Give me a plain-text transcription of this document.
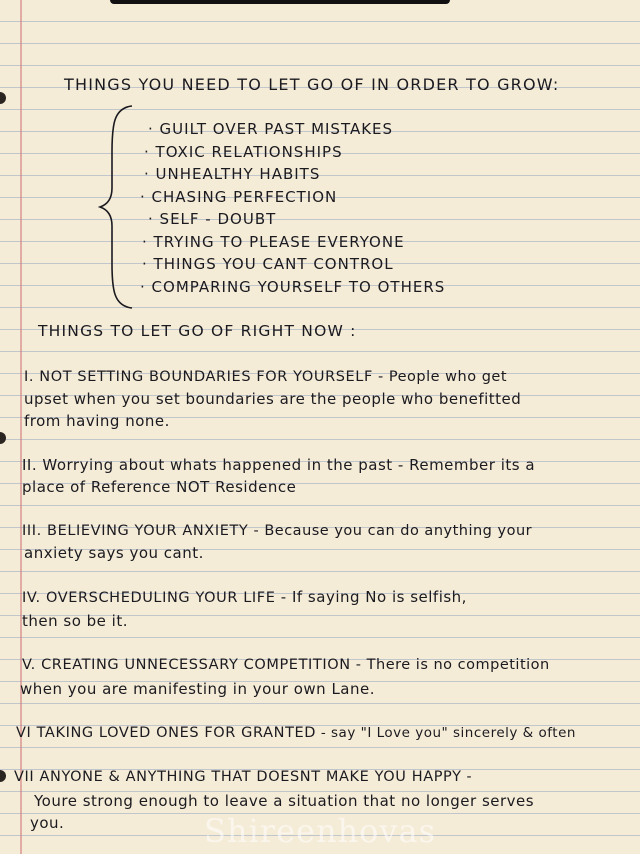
THINGS YOU NEED TO LET GO OF IN ORDER TO GROW:
· GUILT OVER PAST MISTAKES
· TOXIC RELATIONSHIPS
· UNHEALTHY HABITS
· CHASING PERFECTION
· SELF - DOUBT
· TRYING TO PLEASE EVERYONE
· THINGS YOU CANT CONTROL
· COMPARING YOURSELF TO OTHERS
THINGS TO LET GO OF RIGHT NOW :
I. NOT SETTING BOUNDARIES FOR YOURSELF - People who get
upset when you set boundaries are the people who benefitted
from having none.
II. Worrying about whats happened in the past - Remember its a
place of Reference NOT Residence
III. BELIEVING YOUR ANXIETY - Because you can do anything your
anxiety says you cant.
IV. OVERSCHEDULING YOUR LIFE - If saying No is selfish,
then so be it.
V. CREATING UNNECESSARY COMPETITION - There is no competition
when you are manifesting in your own Lane.
VI TAKING LOVED ONES FOR GRANTED - say "I Love you" sincerely & often
VII ANYONE & ANYTHING THAT DOESNT MAKE YOU HAPPY -
Youre strong enough to leave a situation that no longer serves
you.	Shireenhovas
